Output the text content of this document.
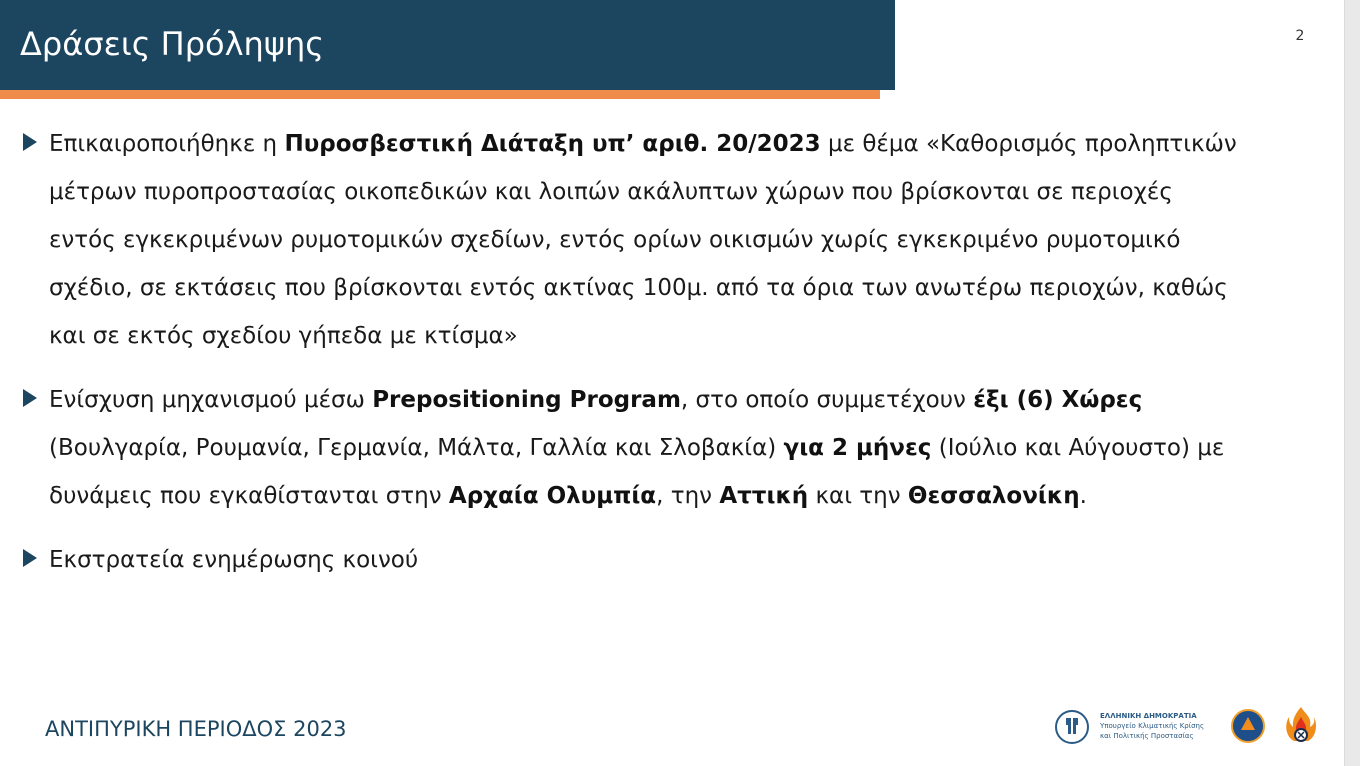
Δράσεις Πρόληψης	2

Επικαιροποιήθηκε η Πυροσβεστική Διάταξη υπ’ αριθ. 20/2023 με θέμα «Καθορισμός προληπτικών μέτρων πυροπροστασίας οικοπεδικών και λοιπών ακάλυπτων χώρων που βρίσκονται σε περιοχές εντός εγκεκριμένων ρυμοτομικών σχεδίων, εντός ορίων οικισμών χωρίς εγκεκριμένο ρυμοτομικό σχέδιο, σε εκτάσεις που βρίσκονται εντός ακτίνας 100μ. από τα όρια των ανωτέρω περιοχών, καθώς και σε εκτός σχεδίου γήπεδα με κτίσμα»

Ενίσχυση μηχανισμού μέσω Prepositioning Program, στο οποίο συμμετέχουν έξι (6) Χώρες (Βουλγαρία, Ρουμανία, Γερμανία, Μάλτα, Γαλλία και Σλοβακία) για 2 μήνες (Ιούλιο και Αύγουστο) με δυνάμεις που εγκαθίστανται στην Αρχαία Ολυμπία, την Αττική και την Θεσσαλονίκη.

Εκστρατεία ενημέρωσης κοινού

ΑΝΤΙΠΥΡΙΚΗ ΠΕΡΙΟΔΟΣ 2023
ΕΛΛΗΝΙΚΗ ΔΗΜΟΚΡΑΤΙΑ
Υπουργείο Κλιματικής Κρίσης
και Πολιτικής Προστασίας
